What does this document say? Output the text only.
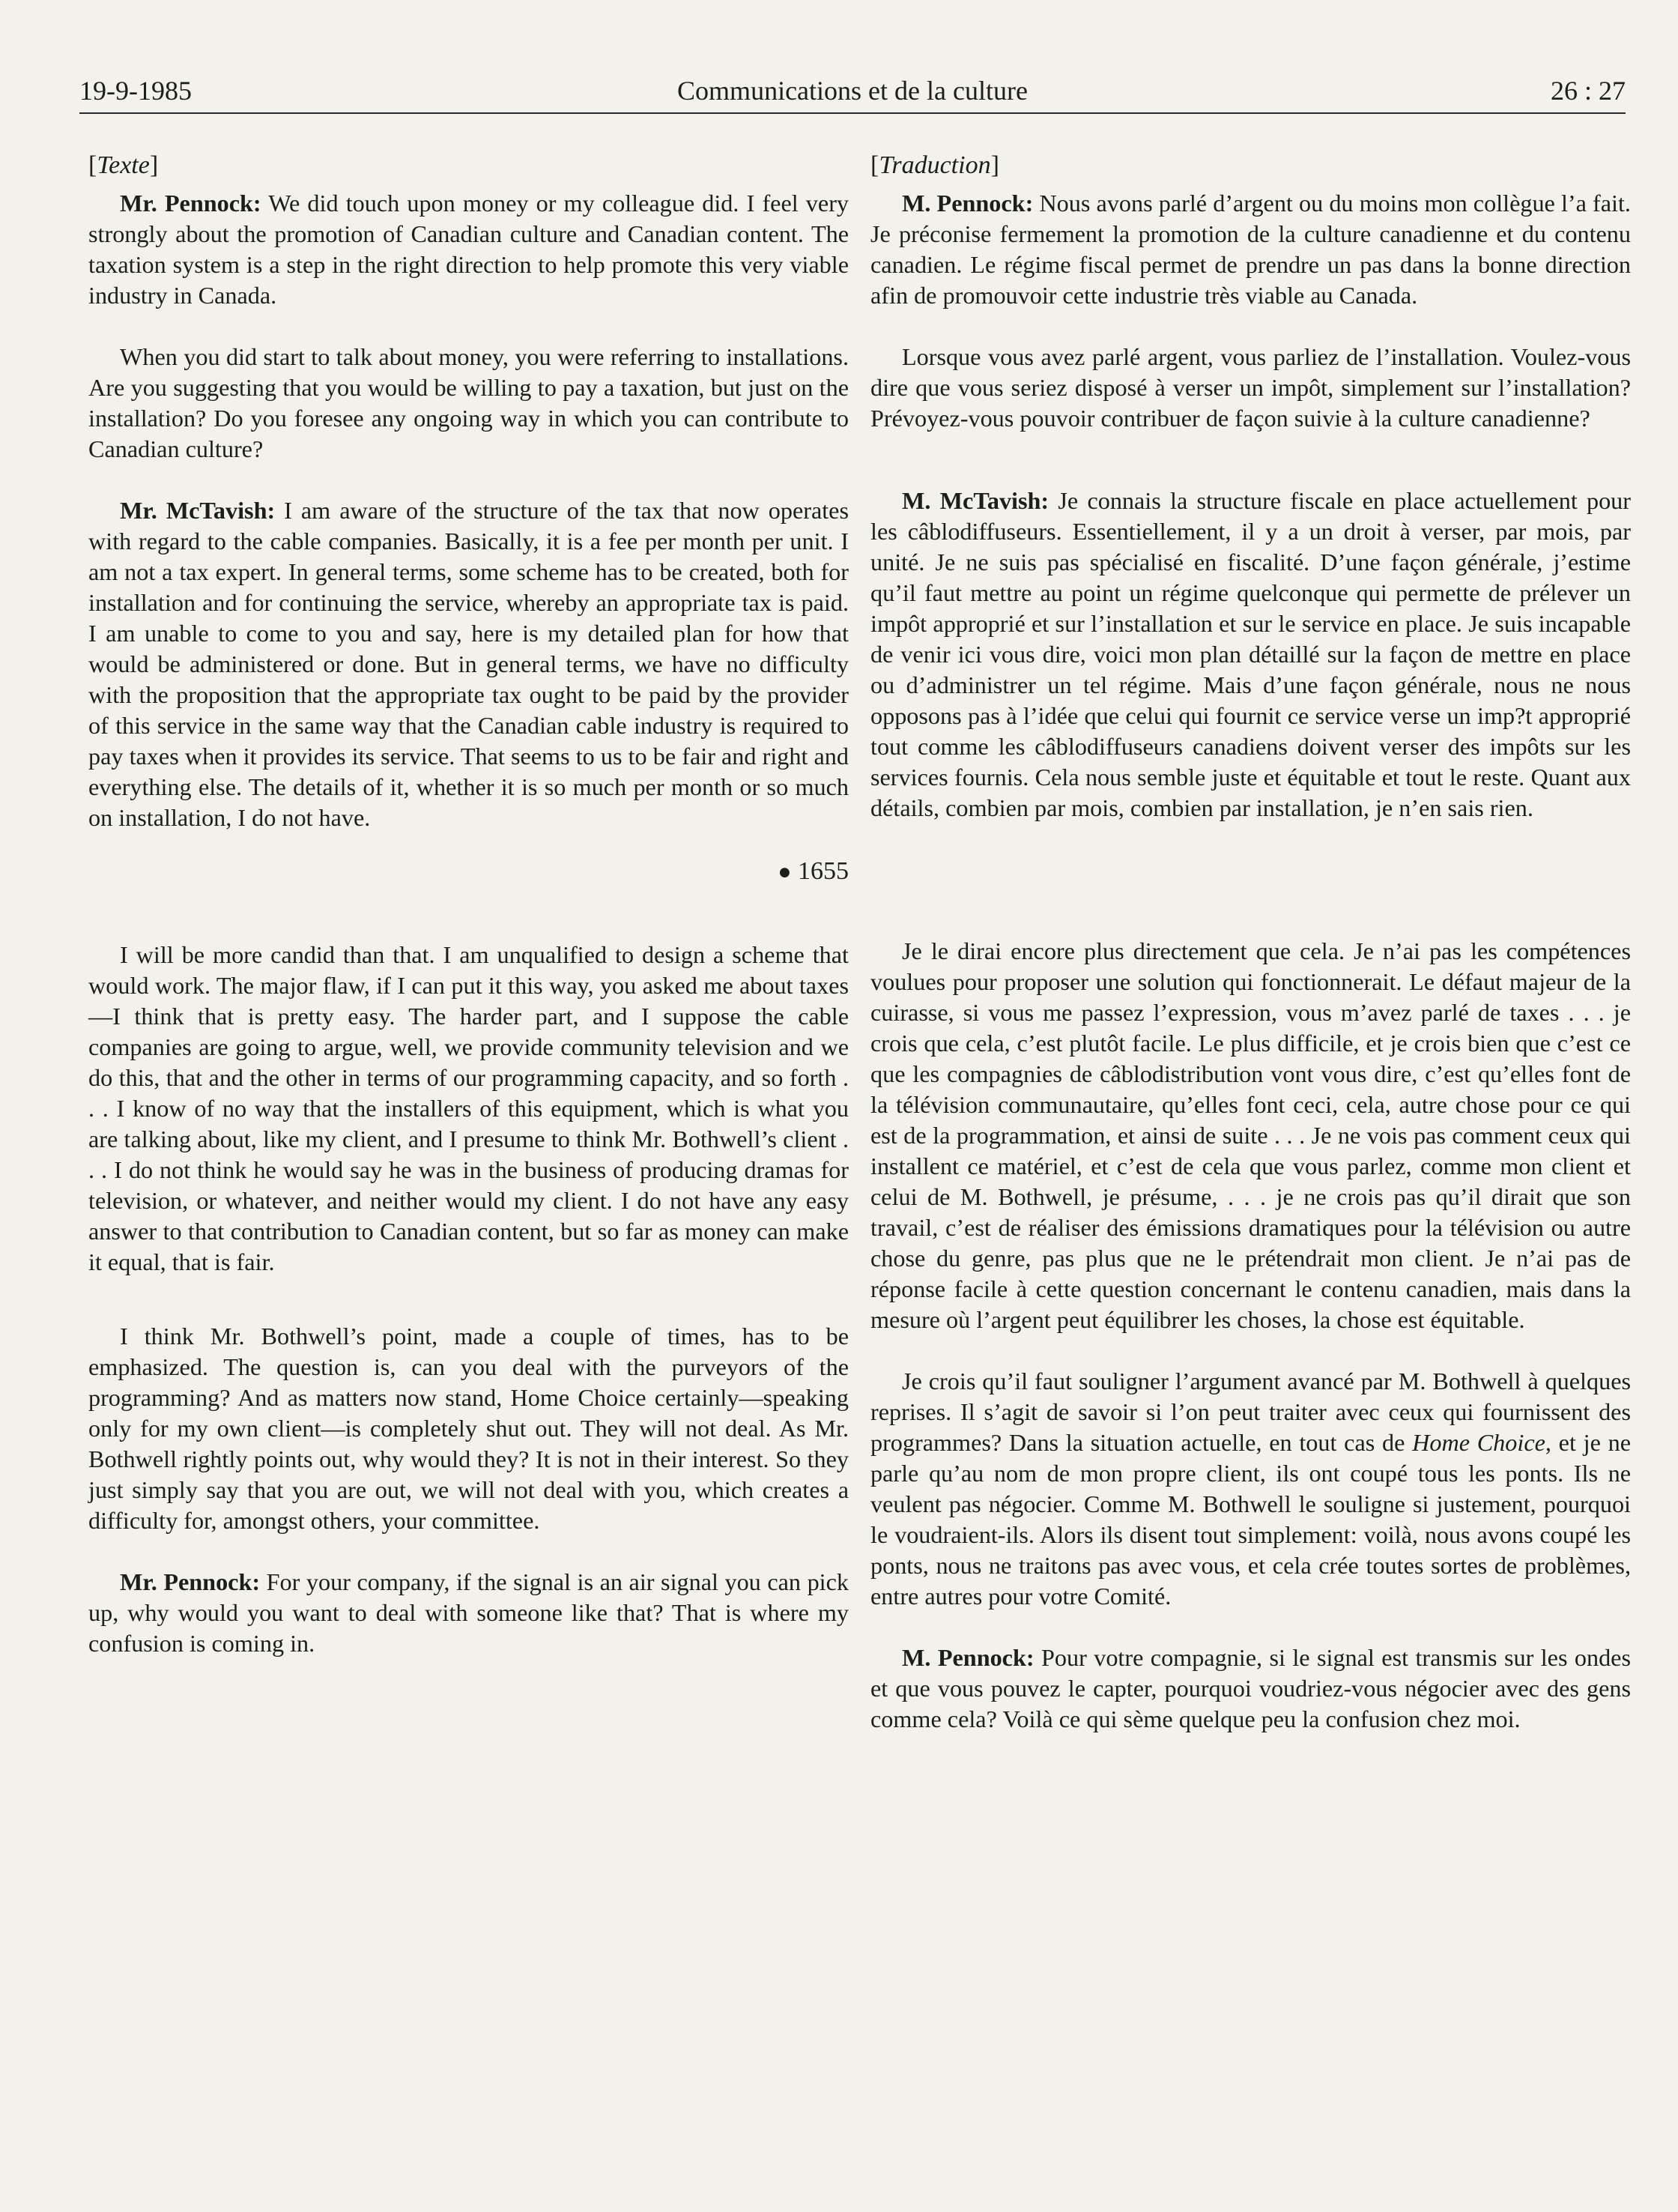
19-9-1985	Communications et de la culture	26 : 27
[Texte]

Mr. Pennock: We did touch upon money or my colleague did. I feel very strongly about the promotion of Canadian culture and Canadian content. The taxation system is a step in the right direction to help promote this very viable industry in Canada.

When you did start to talk about money, you were referring to installations. Are you suggesting that you would be willing to pay a taxation, but just on the installation? Do you foresee any ongoing way in which you can contribute to Canadian culture?

Mr. McTavish: I am aware of the structure of the tax that now operates with regard to the cable companies. Basically, it is a fee per month per unit. I am not a tax expert. In general terms, some scheme has to be created, both for installation and for continuing the service, whereby an appropriate tax is paid. I am unable to come to you and say, here is my detailed plan for how that would be administered or done. But in general terms, we have no difficulty with the proposition that the appropriate tax ought to be paid by the provider of this service in the same way that the Canadian cable industry is required to pay taxes when it provides its service. That seems to us to be fair and right and everything else. The details of it, whether it is so much per month or so much on installation, I do not have.

● 1655

I will be more candid than that. I am unqualified to design a scheme that would work. The major flaw, if I can put it this way, you asked me about taxes—I think that is pretty easy. The harder part, and I suppose the cable companies are going to argue, well, we provide community television and we do this, that and the other in terms of our programming capacity, and so forth . . . I know of no way that the installers of this equipment, which is what you are talking about, like my client, and I presume to think Mr. Bothwell’s client . . . I do not think he would say he was in the business of producing dramas for television, or whatever, and neither would my client. I do not have any easy answer to that contribution to Canadian content, but so far as money can make it equal, that is fair.

I think Mr. Bothwell’s point, made a couple of times, has to be emphasized. The question is, can you deal with the purveyors of the programming? And as matters now stand, Home Choice certainly—speaking only for my own client—is completely shut out. They will not deal. As Mr. Bothwell rightly points out, why would they? It is not in their interest. So they just simply say that you are out, we will not deal with you, which creates a difficulty for, amongst others, your committee.

Mr. Pennock: For your company, if the signal is an air signal you can pick up, why would you want to deal with someone like that? That is where my confusion is coming in.

[Traduction]

M. Pennock: Nous avons parlé d’argent ou du moins mon collègue l’a fait. Je préconise fermement la promotion de la culture canadienne et du contenu canadien. Le régime fiscal permet de prendre un pas dans la bonne direction afin de promouvoir cette industrie très viable au Canada.

Lorsque vous avez parlé argent, vous parliez de l’installation. Voulez-vous dire que vous seriez disposé à verser un impôt, simplement sur l’installation? Prévoyez-vous pouvoir contribuer de façon suivie à la culture canadienne?

M. McTavish: Je connais la structure fiscale en place actuellement pour les câblodiffuseurs. Essentiellement, il y a un droit à verser, par mois, par unité. Je ne suis pas spécialisé en fiscalité. D’une façon générale, j’estime qu’il faut mettre au point un régime quelconque qui permette de prélever un impôt approprié et sur l’installation et sur le service en place. Je suis incapable de venir ici vous dire, voici mon plan détaillé sur la façon de mettre en place ou d’administrer un tel régime. Mais d’une façon générale, nous ne nous opposons pas à l’idée que celui qui fournit ce service verse un imp?t approprié tout comme les câblodiffuseurs canadiens doivent verser des impôts sur les services fournis. Cela nous semble juste et équitable et tout le reste. Quant aux détails, combien par mois, combien par installation, je n’en sais rien.

Je le dirai encore plus directement que cela. Je n’ai pas les compétences voulues pour proposer une solution qui fonctionnerait. Le défaut majeur de la cuirasse, si vous me passez l’expression, vous m’avez parlé de taxes . . . je crois que cela, c’est plutôt facile. Le plus difficile, et je crois bien que c’est ce que les compagnies de câblodistribution vont vous dire, c’est qu’elles font de la télévision communautaire, qu’elles font ceci, cela, autre chose pour ce qui est de la programmation, et ainsi de suite . . . Je ne vois pas comment ceux qui installent ce matériel, et c’est de cela que vous parlez, comme mon client et celui de M. Bothwell, je présume, . . . je ne crois pas qu’il dirait que son travail, c’est de réaliser des émissions dramatiques pour la télévision ou autre chose du genre, pas plus que ne le prétendrait mon client. Je n’ai pas de réponse facile à cette question concernant le contenu canadien, mais dans la mesure où l’argent peut équilibrer les choses, la chose est équitable.

Je crois qu’il faut souligner l’argument avancé par M. Bothwell à quelques reprises. Il s’agit de savoir si l’on peut traiter avec ceux qui fournissent des programmes? Dans la situation actuelle, en tout cas de Home Choice, et je ne parle qu’au nom de mon propre client, ils ont coupé tous les ponts. Ils ne veulent pas négocier. Comme M. Bothwell le souligne si justement, pourquoi le voudraient-ils. Alors ils disent tout simplement: voilà, nous avons coupé les ponts, nous ne traitons pas avec vous, et cela crée toutes sortes de problèmes, entre autres pour votre Comité.

M. Pennock: Pour votre compagnie, si le signal est transmis sur les ondes et que vous pouvez le capter, pourquoi voudriez-vous négocier avec des gens comme cela? Voilà ce qui sème quelque peu la confusion chez moi.
